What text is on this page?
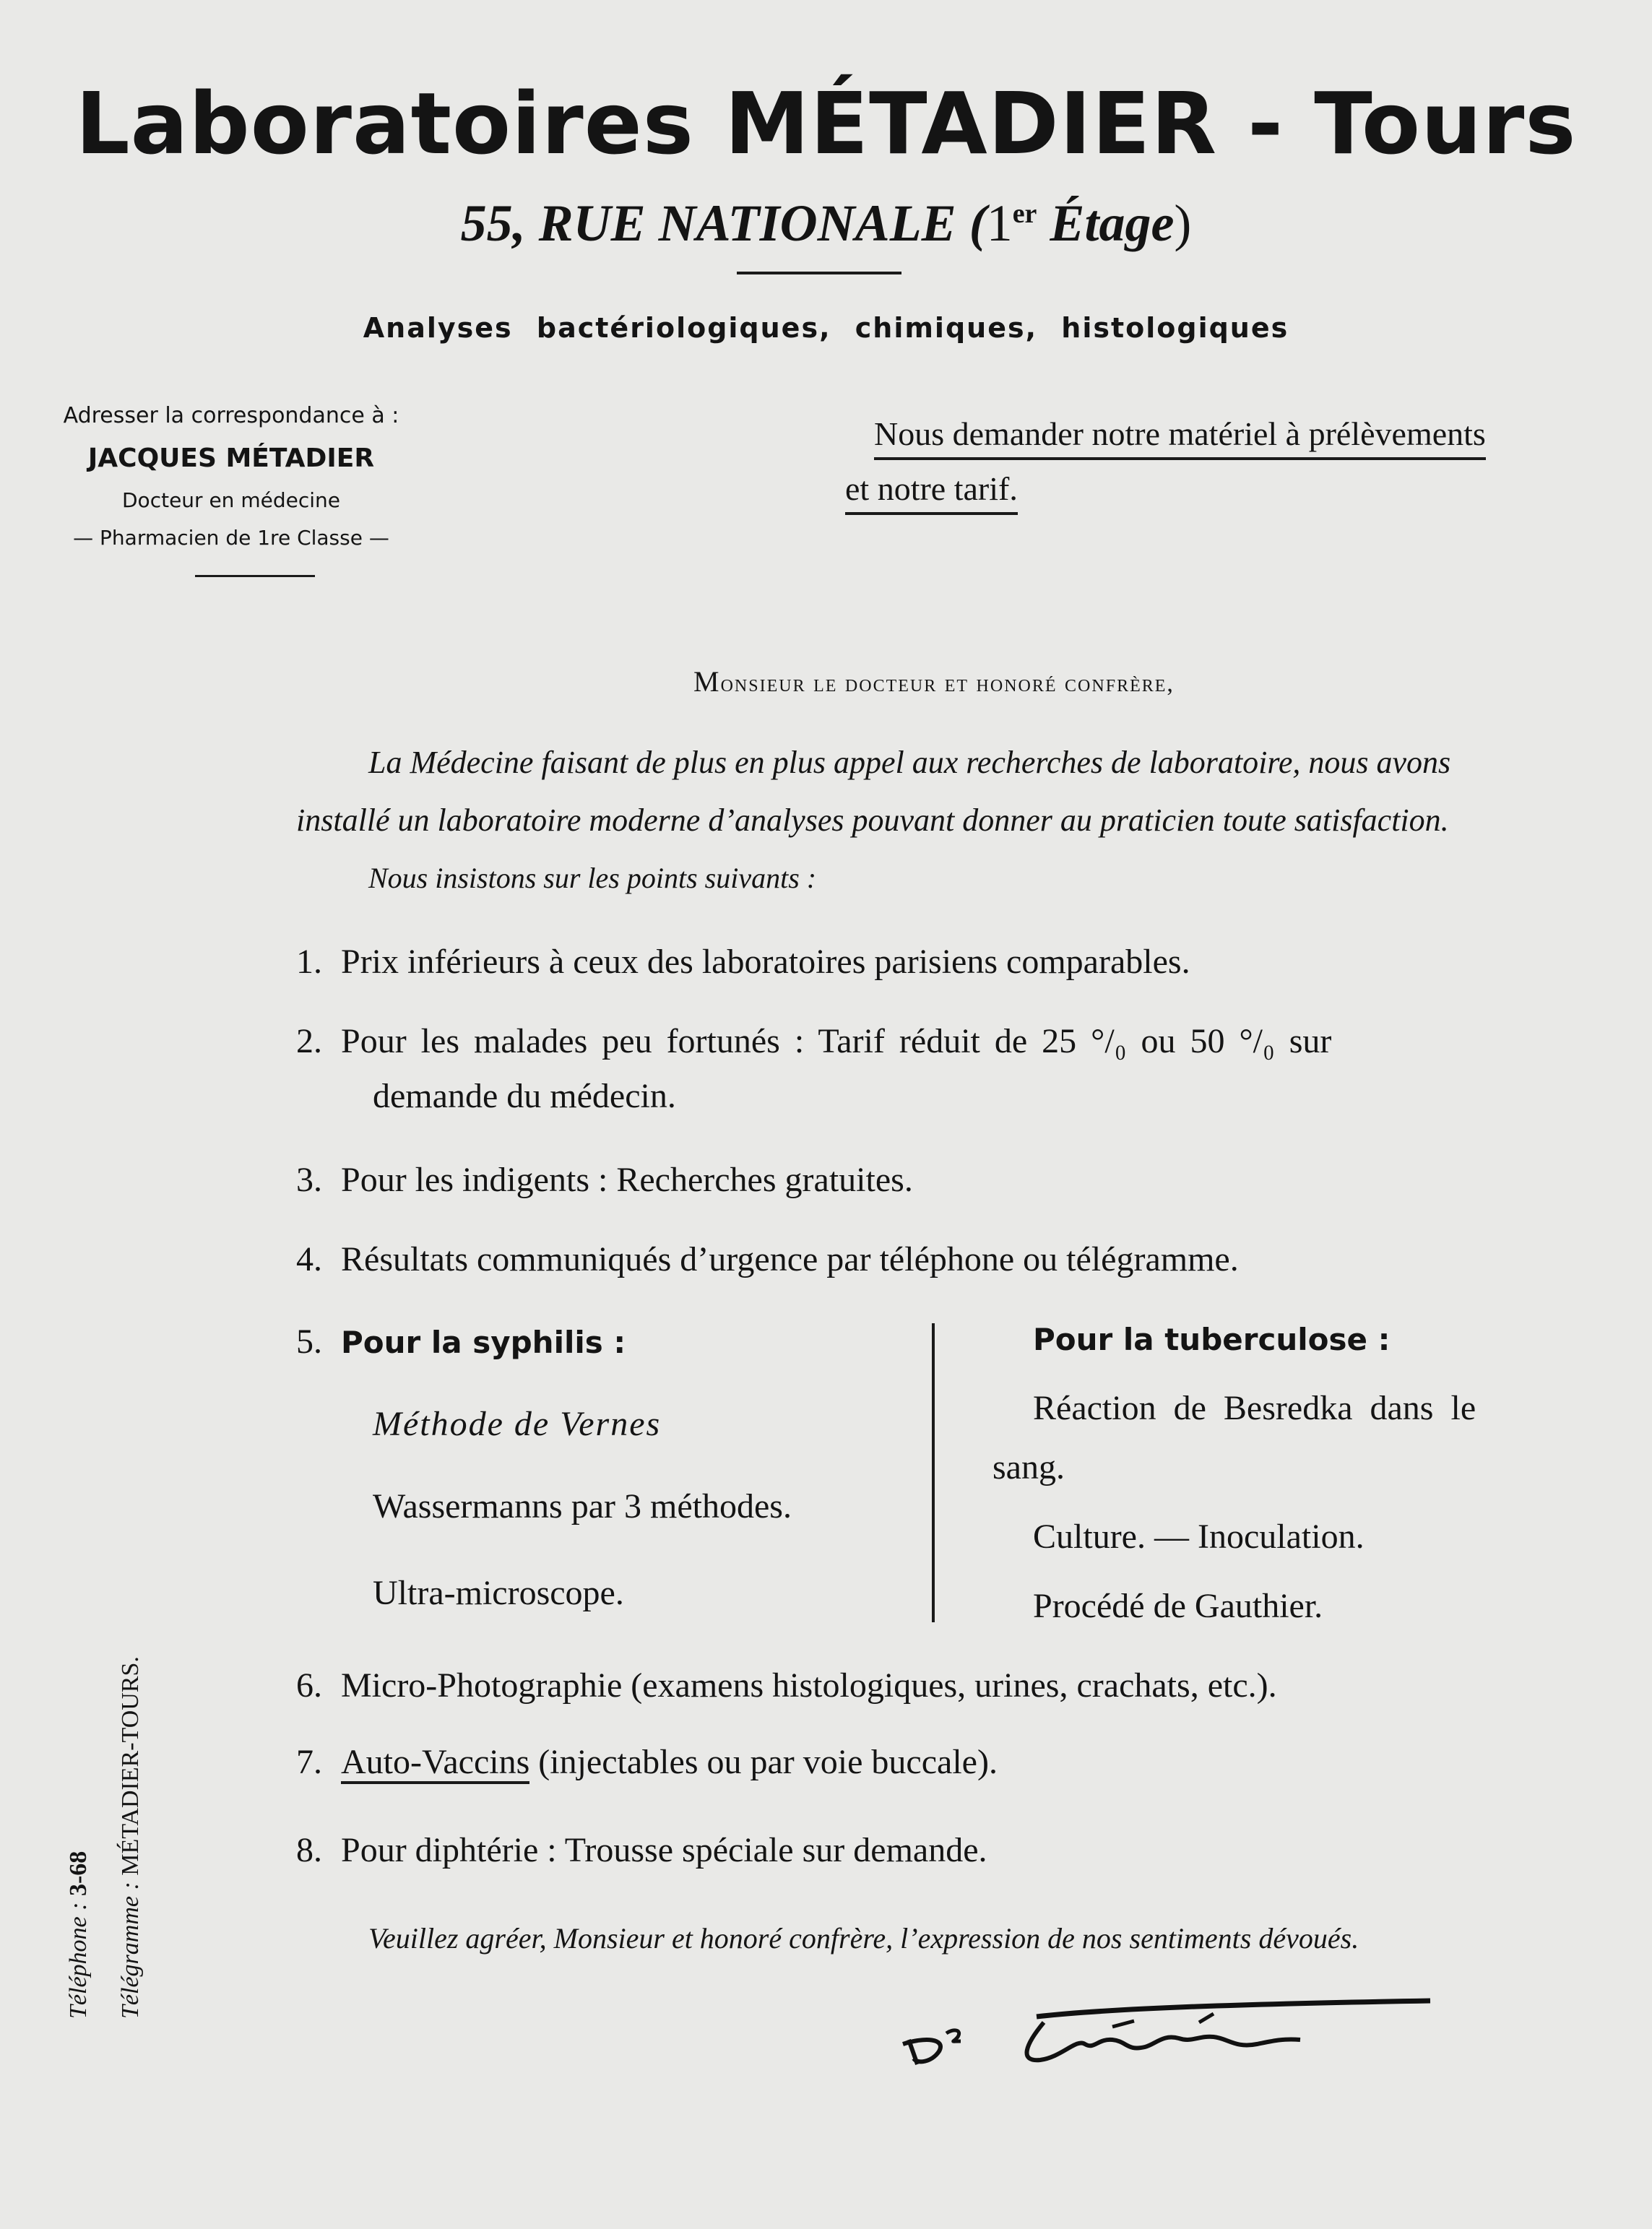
Laboratoires MÉTADIER - Tours
55, RUE NATIONALE (1er Étage)
Analyses bactériologiques, chimiques, histologiques
Adresser la correspondance à :
JACQUES MÉTADIER
Docteur en médecine
— Pharmacien de 1re Classe —
Nous demander notre matériel à prélèvements
et notre tarif.
Monsieur le docteur et honoré confrère,
La Médecine faisant de plus en plus appel aux recherches de laboratoire, nous avons
installé un laboratoire moderne d’analyses pouvant donner au praticien toute satisfaction.
Nous insistons sur les points suivants :
1. Prix inférieurs à ceux des laboratoires parisiens comparables.
2. Pour les malades peu fortunés : Tarif réduit de 25 °/₀ ou 50 °/₀ sur
demande du médecin.
3. Pour les indigents : Recherches gratuites.
4. Résultats communiqués d’urgence par téléphone ou télégramme.
5. Pour la syphilis :
Méthode de Vernes
Wassermanns par 3 méthodes.
Ultra-microscope.
Pour la tuberculose :
Réaction de Besredka dans le
sang.
Culture. — Inoculation.
Procédé de Gauthier.
6. Micro-Photographie (examens histologiques, urines, crachats, etc.).
7. Auto-Vaccins (injectables ou par voie buccale).
8. Pour diphtérie : Trousse spéciale sur demande.
Veuillez agréer, Monsieur et honoré confrère, l’expression de nos sentiments dévoués.
Téléphone : 3-68
Télégramme : MÉTADIER-TOURS.
